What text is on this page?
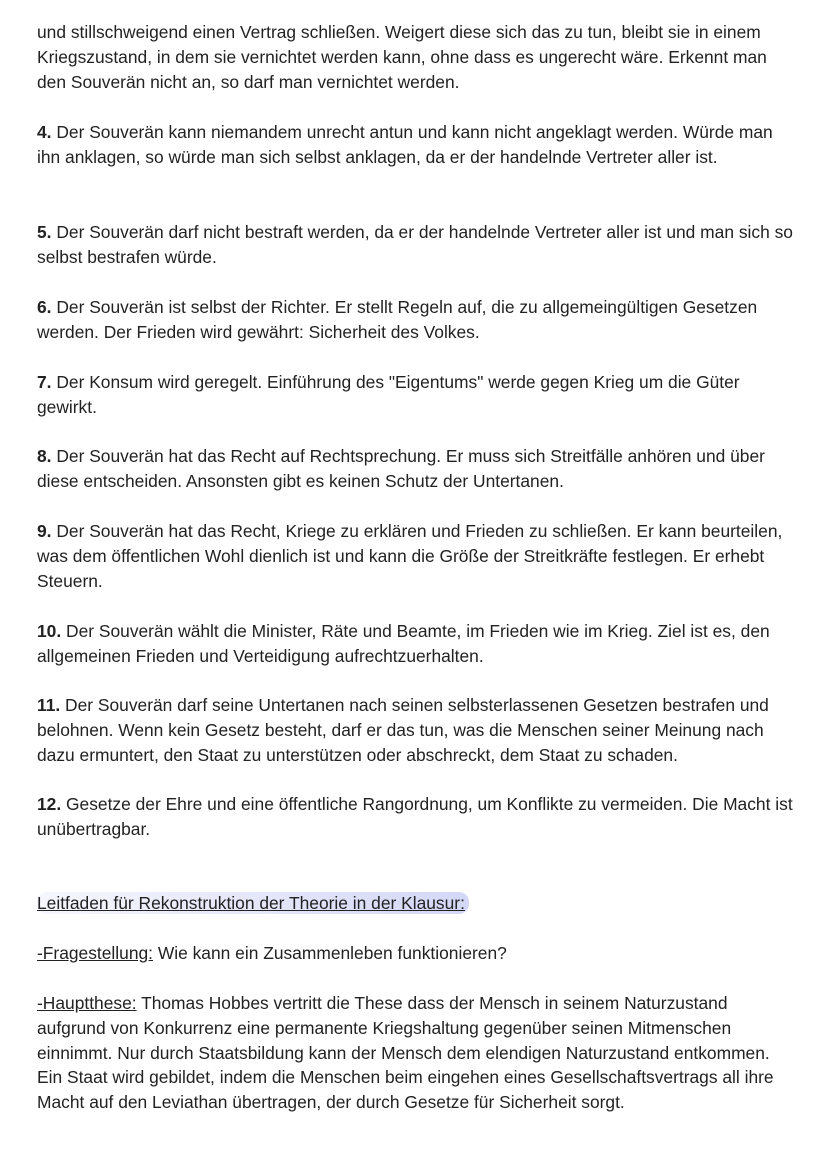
und stillschweigend einen Vertrag schließen. Weigert diese sich das zu tun, bleibt sie in einem Kriegszustand, in dem sie vernichtet werden kann, ohne dass es ungerecht wäre. Erkennt man den Souverän nicht an, so darf man vernichtet werden.

4. Der Souverän kann niemandem unrecht antun und kann nicht angeklagt werden. Würde man ihn anklagen, so würde man sich selbst anklagen, da er der handelnde Vertreter aller ist.

5. Der Souverän darf nicht bestraft werden, da er der handelnde Vertreter aller ist und man sich so selbst bestrafen würde.

6. Der Souverän ist selbst der Richter. Er stellt Regeln auf, die zu allgemeingültigen Gesetzen werden. Der Frieden wird gewährt: Sicherheit des Volkes.

7. Der Konsum wird geregelt. Einführung des "Eigentums" werde gegen Krieg um die Güter gewirkt.

8. Der Souverän hat das Recht auf Rechtsprechung. Er muss sich Streitfälle anhören und über diese entscheiden. Ansonsten gibt es keinen Schutz der Untertanen.

9. Der Souverän hat das Recht, Kriege zu erklären und Frieden zu schließen. Er kann beurteilen, was dem öffentlichen Wohl dienlich ist und kann die Größe der Streitkräfte festlegen. Er erhebt Steuern.

10. Der Souverän wählt die Minister, Räte und Beamte, im Frieden wie im Krieg. Ziel ist es, den allgemeinen Frieden und Verteidigung aufrechtzuerhalten.

11. Der Souverän darf seine Untertanen nach seinen selbsterlassenen Gesetzen bestrafen und belohnen. Wenn kein Gesetz besteht, darf er das tun, was die Menschen seiner Meinung nach dazu ermuntert, den Staat zu unterstützen oder abschreckt, dem Staat zu schaden.

12. Gesetze der Ehre und eine öffentliche Rangordnung, um Konflikte zu vermeiden. Die Macht ist unübertragbar.

Leitfaden für Rekonstruktion der Theorie in der Klausur:

-Fragestellung: Wie kann ein Zusammenleben funktionieren?

-Hauptthese: Thomas Hobbes vertritt die These dass der Mensch in seinem Naturzustand aufgrund von Konkurrenz eine permanente Kriegshaltung gegenüber seinen Mitmenschen einnimmt. Nur durch Staatsbildung kann der Mensch dem elendigen Naturzustand entkommen. Ein Staat wird gebildet, indem die Menschen beim eingehen eines Gesellschaftsvertrags all ihre Macht auf den Leviathan übertragen, der durch Gesetze für Sicherheit sorgt.
